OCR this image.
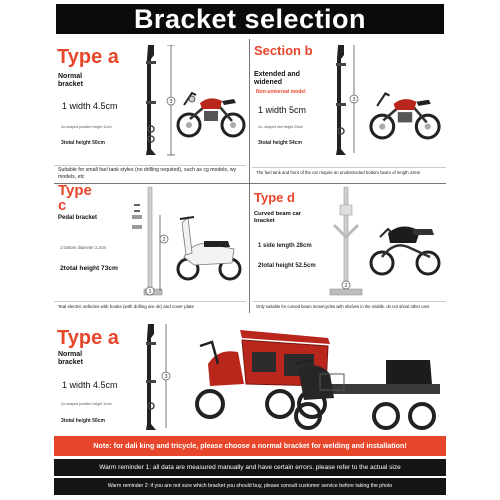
Bracket selection
Type a
Normal bracket
1 width 4.5cm
2u-shaped position height 11cm
3total height 50cm
3
Suitable for small fuel tank styles (no drilling required), such as cg models, wy models, etc
Section b
Extended and widened
Non-universal model
1 width 5cm
2u- shaped slot height 23cm
3total height 54cm
3
The fuel tank and front of the car require an unobstructed bottom beam of length 43cm
Type c
Pedal bracket
1 bottom diameter 2.2cm
2total height 73cm
2
1
Teal electric vehicles with hooks (with drilling are ok) and cover plate
Type d
Curved beam car bracket
1 side length 28cm
2total height 52.5cm
2
Only suitable for curved beam motorcycles with shelves in the middle. do not shoot other cars
Type a
Normal bracket
1 width 4.5cm
2u-shaped position height 11cm
3total height 50cm
3
Note: for dali king and tricycle, please choose a normal bracket for welding and installation!
Warm reminder 1: all data are measured manually and have certain errors. please refer to the actual size
Warm reminder 2: if you are not sure which bracket you should buy, please consult customer service before taking the photo
